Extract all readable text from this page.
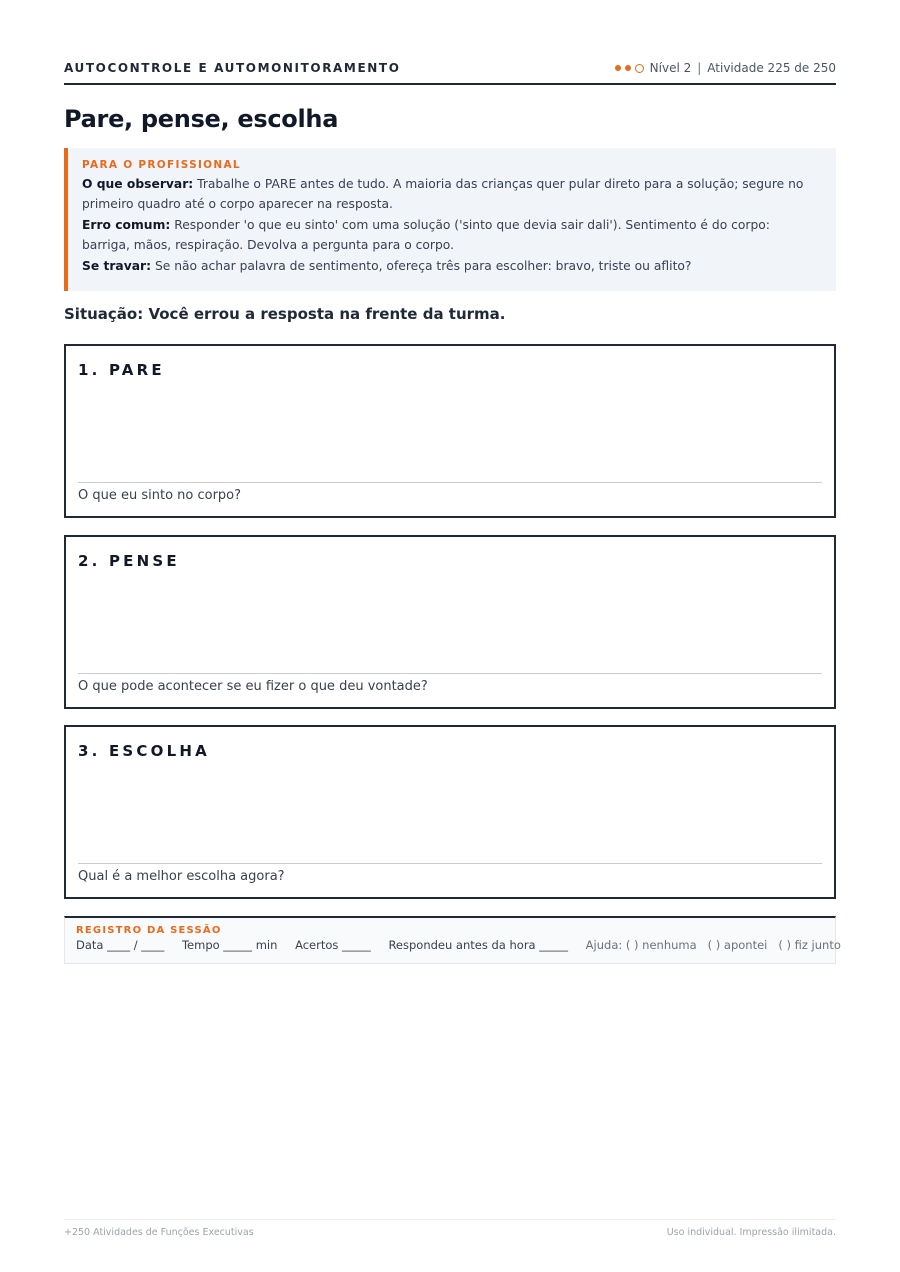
AUTOCONTROLE E AUTOMONITORAMENTO	Nível 2 | Atividade 225 de 250
Pare, pense, escolha
PARA O PROFISSIONAL

O que observar: Trabalhe o PARE antes de tudo. A maioria das crianças quer pular direto para a solução; segure no primeiro quadro até o corpo aparecer na resposta.

Erro comum: Responder 'o que eu sinto' com uma solução ('sinto que devia sair dali'). Sentimento é do corpo: barriga, mãos, respiração. Devolva a pergunta para o corpo.

Se travar: Se não achar palavra de sentimento, ofereça três para escolher: bravo, triste ou aflito?

Situação: Você errou a resposta na frente da turma.
1. PARE
O que eu sinto no corpo?
2. PENSE
O que pode acontecer se eu fizer o que deu vontade?
3. ESCOLHA
Qual é a melhor escolha agora?
REGISTRO DA SESSÃO
Data ____ / ____ Tempo _____ min Acertos _____ Respondeu antes da hora _____ Ajuda: ( ) nenhuma   ( ) apontei   ( ) fiz junto
+250 Atividades de Funções Executivas	Uso individual. Impressão ilimitada.
